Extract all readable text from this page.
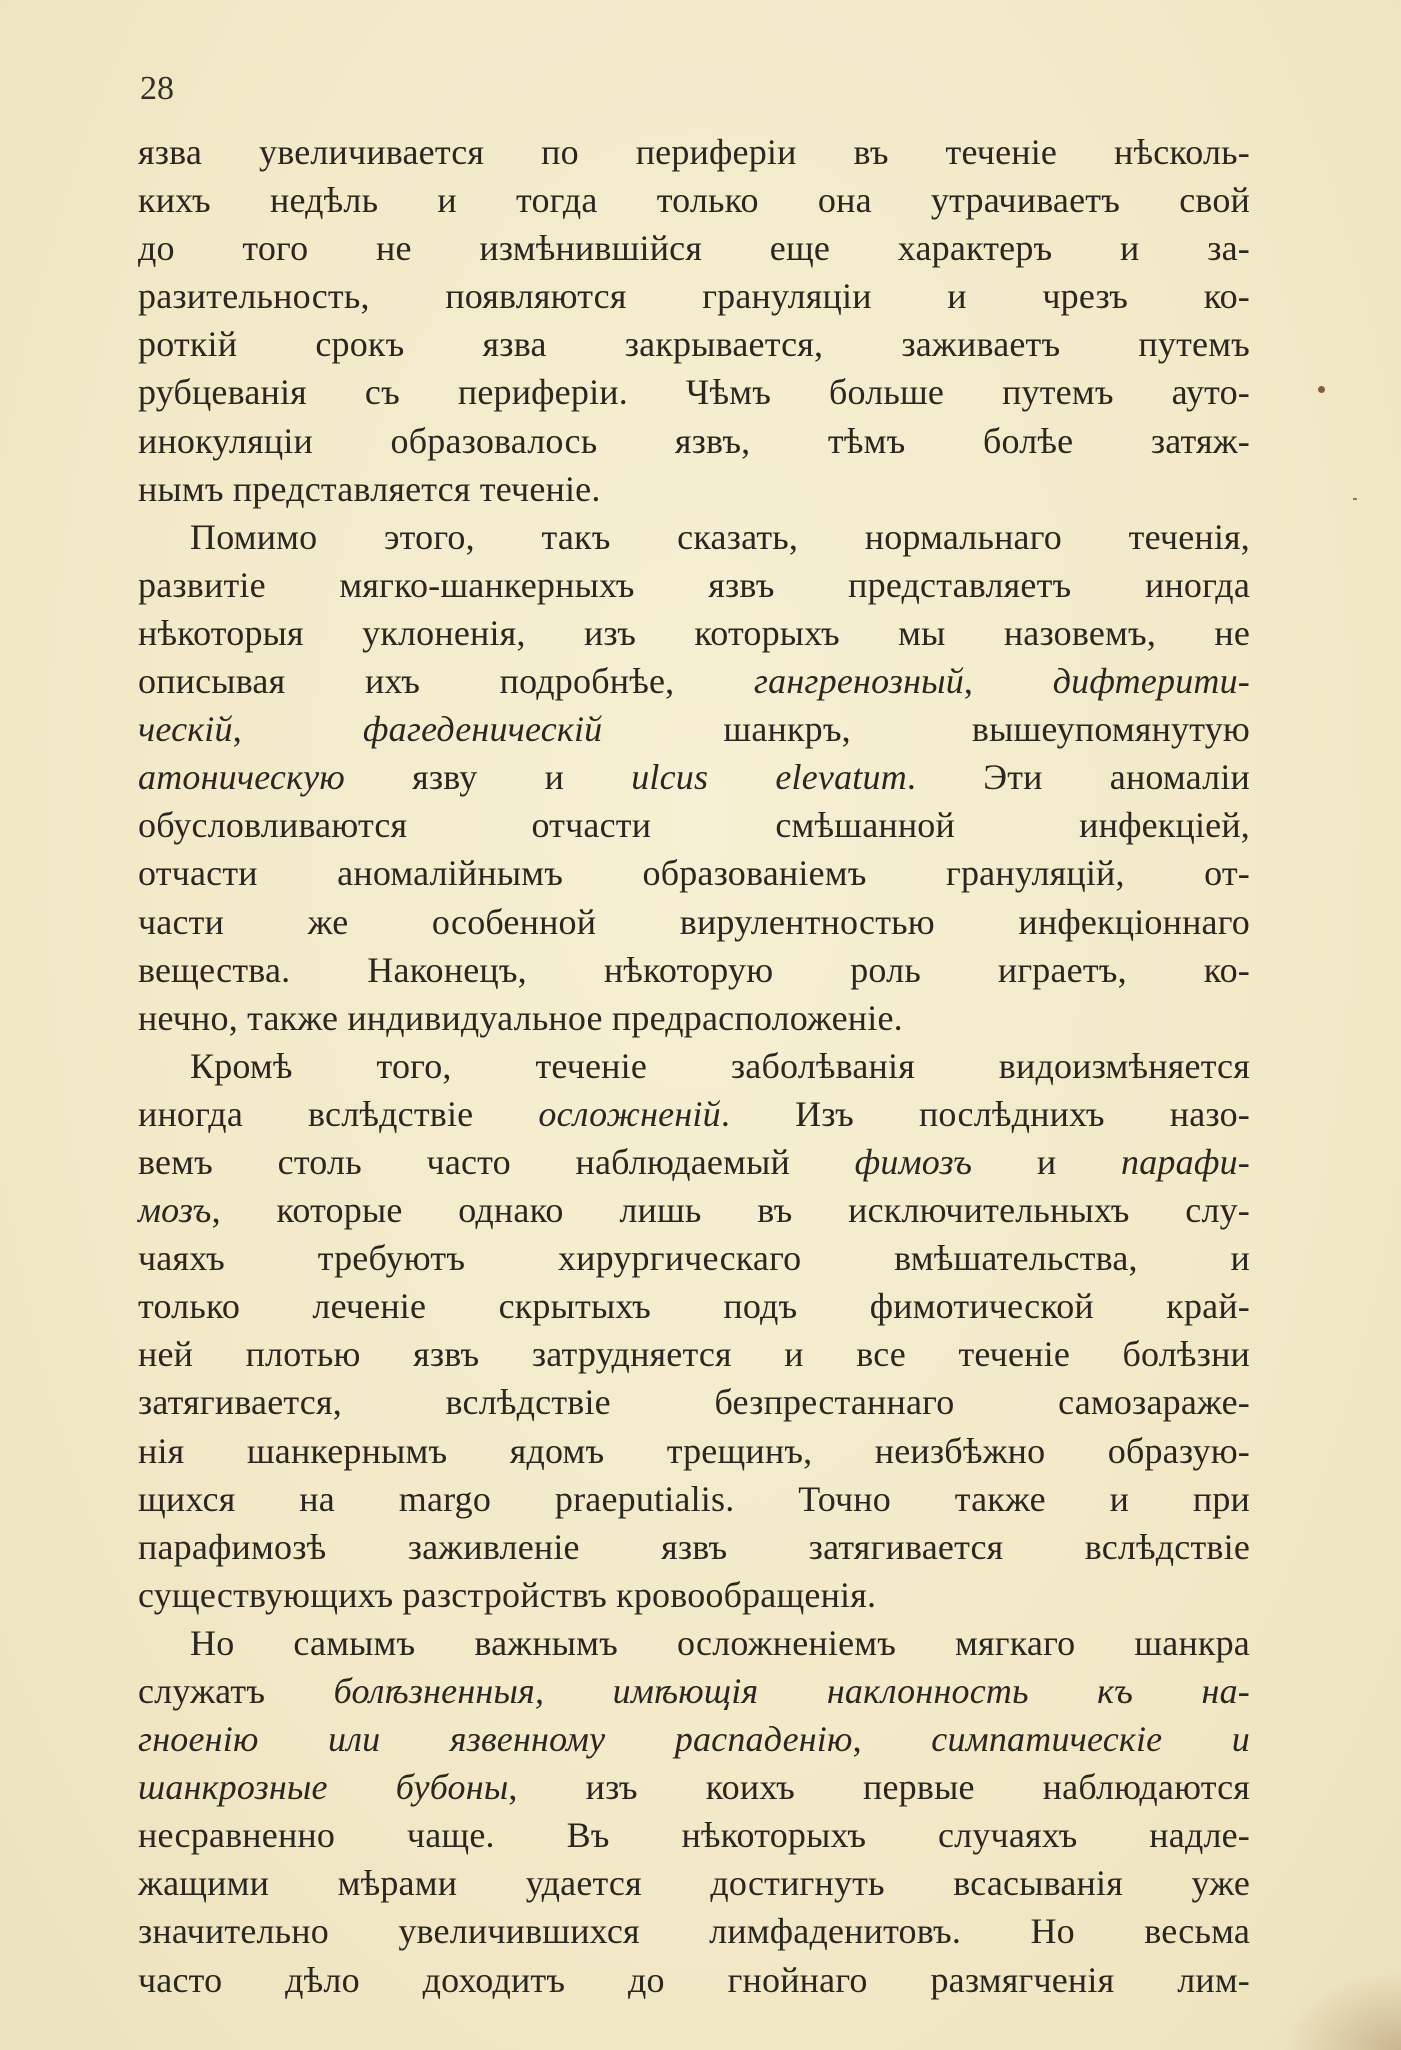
28
язва увеличивается по периферіи въ теченіе нѣсколь-
кихъ недѣль и тогда только она утрачиваетъ свой
до того не измѣнившійся еще характеръ и за-
разительность, появляются грануляціи и чрезъ ко-
роткій срокъ язва закрывается, заживаетъ путемъ
рубцеванія съ периферіи. Чѣмъ больше путемъ ауто-
инокуляціи образовалось язвъ, тѣмъ болѣе затяж-
нымъ представляется теченіе.
Помимо этого, такъ сказать, нормальнаго теченія,
развитіе мягко-шанкерныхъ язвъ представляетъ иногда
нѣкоторыя уклоненія, изъ которыхъ мы назовемъ, не
описывая ихъ подробнѣе, гангренозный, дифтерити-
ческій, фагеденическій шанкръ, вышеупомянутую
атоническую язву и ulcus elevatum. Эти аномаліи
обусловливаются отчасти смѣшанной инфекціей,
отчасти аномалійнымъ образованіемъ грануляцій, от-
части же особенной вирулентностью инфекціоннаго
вещества. Наконецъ, нѣкоторую роль играетъ, ко-
нечно, также индивидуальное предрасположеніе.
Кромѣ того, теченіе заболѣванія видоизмѣняется
иногда вслѣдствіе осложненій. Изъ послѣднихъ назо-
вемъ столь часто наблюдаемый фимозъ и парафи-
мозъ, которые однако лишь въ исключительныхъ слу-
чаяхъ требуютъ хирургическаго вмѣшательства, и
только леченіе скрытыхъ подъ фимотической край-
ней плотью язвъ затрудняется и все теченіе болѣзни
затягивается, вслѣдствіе безпрестаннаго самозараже-
нія шанкернымъ ядомъ трещинъ, неизбѣжно образую-
щихся на margo praeputialis. Точно также и при
парафимозѣ заживленіе язвъ затягивается вслѣдствіе
существующихъ разстройствъ кровообращенія.
Но самымъ важнымъ осложненіемъ мягкаго шанкра
служатъ болѣзненныя, имѣющія наклонность къ на-
гноенію или язвенному распаденію, симпатическіе и
шанкрозные бубоны, изъ коихъ первые наблюдаются
несравненно чаще. Въ нѣкоторыхъ случаяхъ надле-
жащими мѣрами удается достигнуть всасыванія уже
значительно увеличившихся лимфаденитовъ. Но весьма
часто дѣло доходитъ до гнойнаго размягченія лим-
